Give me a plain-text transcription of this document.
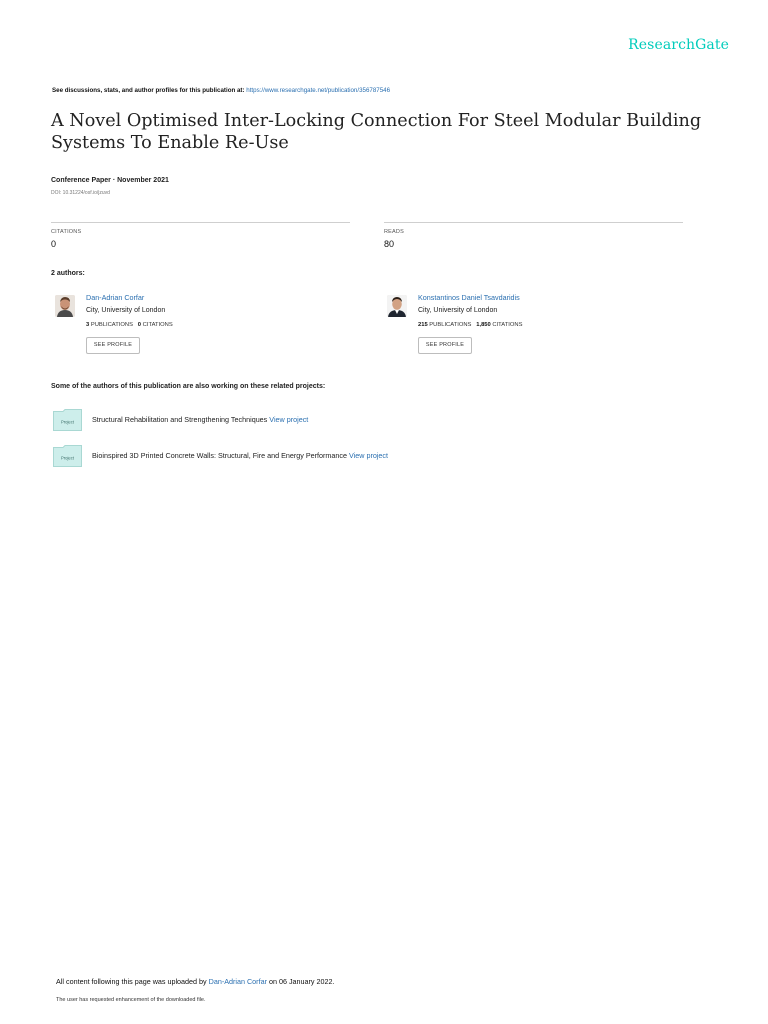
ResearchGate
See discussions, stats, and author profiles for this publication at: https://www.researchgate.net/publication/356787546
A Novel Optimised Inter-Locking Connection For Steel Modular Building
Systems To Enable Re-Use
Conference Paper · November 2021
DOI: 10.31224/osf.io/jzuvd
CITATIONS
0
READS
80
2 authors:
Dan-Adrian Corfar
City, University of London
3 PUBLICATIONS 0 CITATIONS
SEE PROFILE
Konstantinos Daniel Tsavdaridis
City, University of London
215 PUBLICATIONS 1,850 CITATIONS
SEE PROFILE
Some of the authors of this publication are also working on these related projects:
Project Structural Rehabilitation and Strengthening Techniques View project
Project Bioinspired 3D Printed Concrete Walls: Structural, Fire and Energy Performance View project
All content following this page was uploaded by Dan-Adrian Corfar on 06 January 2022.
The user has requested enhancement of the downloaded file.
